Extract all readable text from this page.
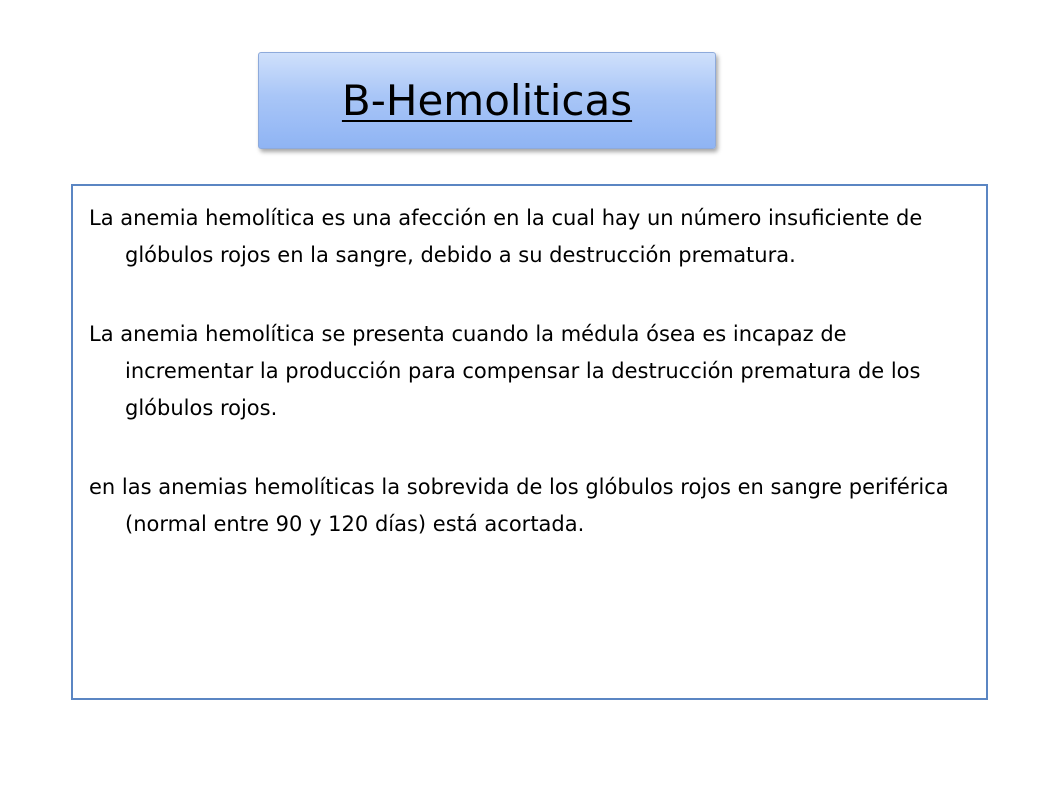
B-Hemoliticas

La anemia hemolítica es una afección en la cual hay un número insuficiente de glóbulos rojos en la sangre, debido a su destrucción prematura.

La anemia hemolítica se presenta cuando la médula ósea es incapaz de incrementar la producción para compensar la destrucción prematura de los glóbulos rojos.

en las anemias hemolíticas la sobrevida de los glóbulos rojos en sangre periférica (normal entre 90 y 120 días) está acortada.
